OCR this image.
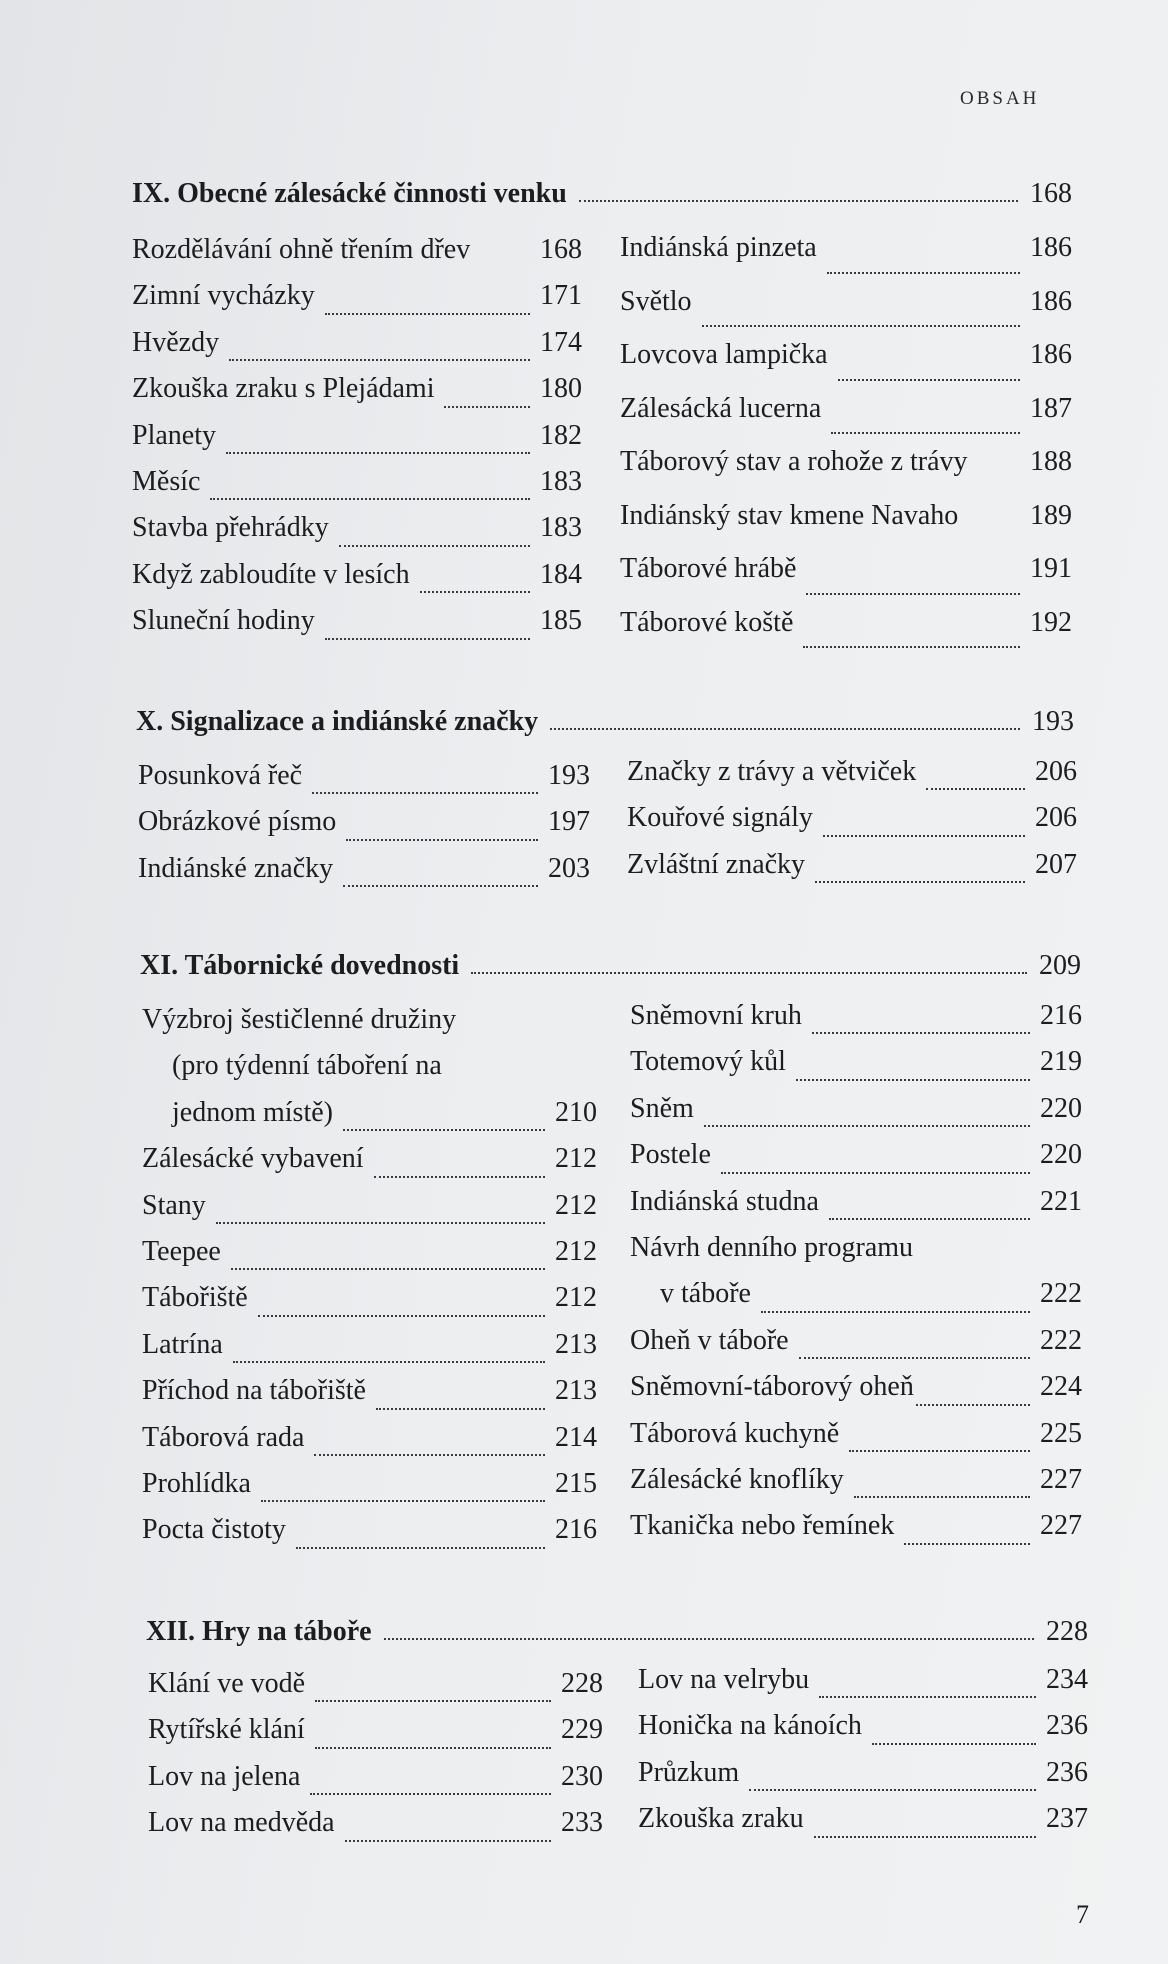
OBSAH
IX. Obecné zálesácké činnosti venku	168
Rozdělávání ohně třením dřev 168
Zimní vycházky	171
Hvězdy	174
Zkouška zraku s Plejádami	180
Planety	182
Měsíc	183
Stavba přehrádky	183
Když zabloudíte v lesích	184
Sluneční hodiny	185
Indiánská pinzeta	186
Světlo	186
Lovcova lampička	186
Zálesácká lucerna	187
Táborový stav a rohože z trávy 188
Indiánský stav kmene Navaho	189
Táborové hrábě	191
Táborové koště	192
X. Signalizace a indiánské značky	193
Posunková řeč	193
Obrázkové písmo	197
Indiánské značky	203
Značky z trávy a větviček	206
Kouřové signály	206
Zvláštní značky	207
XI. Tábornické dovednosti	209
Výzbroj šestičlenné družiny
(pro týdenní táboření na
jednom místě)	210
Zálesácké vybavení	212
Stany	212
Teepee	212
Tábořiště	212
Latrína	213
Příchod na tábořiště	213
Táborová rada	214
Prohlídka	215
Pocta čistoty	216
Sněmovní kruh	216
Totemový kůl	219
Sněm	220
Postele	220
Indiánská studna	221
Návrh denního programu
v táboře	222
Oheň v táboře	222
Sněmovní-táborový oheň	224
Táborová kuchyně	225
Zálesácké knoflíky	227
Tkanička nebo řemínek	227
XII. Hry na táboře	228
Klání ve vodě	228
Rytířské klání	229
Lov na jelena	230
Lov na medvěda	233
Lov na velrybu	234
Honička na kánoích	236
Průzkum	236
Zkouška zraku	237
7
